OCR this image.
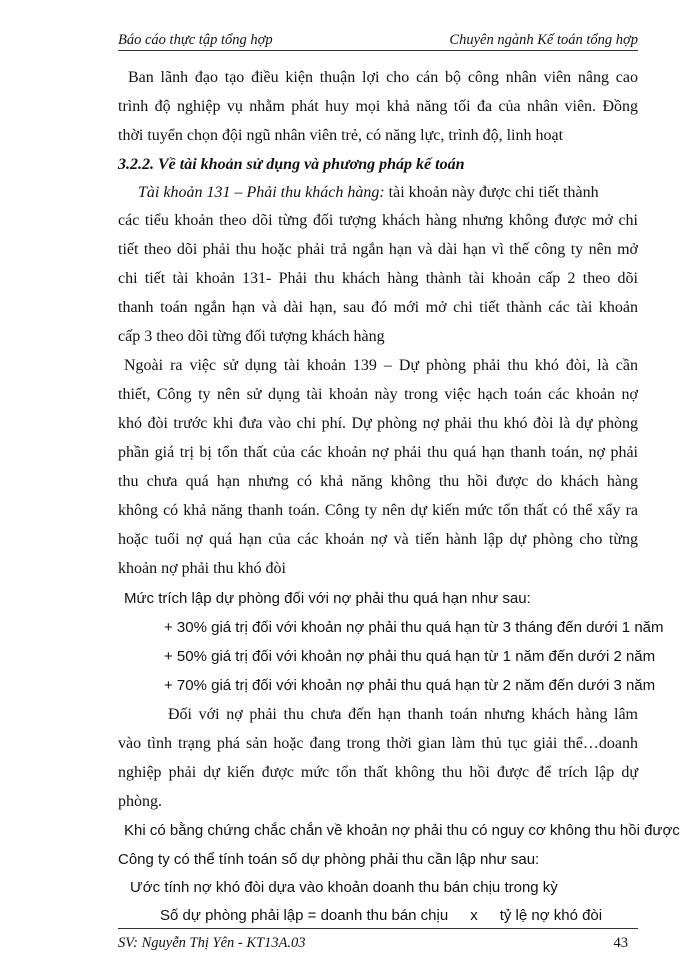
Báo cáo thực tập tổng hợp	Chuyên ngành Kế toán tổng hợp
Ban lãnh đạo tạo điều kiện thuận lợi cho cán bộ công nhân viên nâng cao
trình độ nghiệp vụ nhằm phát huy mọi khả năng tối đa của nhân viên. Đồng
thời tuyển chọn đội ngũ nhân viên trẻ, có năng lực, trình độ, linh hoạt
3.2.2. Về tài khoản sử dụng và phương pháp kế toán
Tài khoản 131 – Phải thu khách hàng: tài khoản này được chi tiết thành
các tiểu khoản theo dõi từng đối tượng khách hàng nhưng không được mở chi
tiết theo dõi phải thu hoặc phải trả ngắn hạn và dài hạn vì thế công ty nên mở
chi tiết tài khoản 131- Phải thu khách hàng thành tài khoản cấp 2 theo dõi
thanh toán ngắn hạn và dài hạn, sau đó mới mở chi tiết thành các tài khoản
cấp 3 theo dõi từng đối tượng khách hàng
Ngoài ra việc sử dụng tài khoản 139 – Dự phòng phải thu khó đòi, là cần
thiết, Công ty nên sử dụng tài khoản này trong việc hạch toán các khoản nợ
khó đòi trước khi đưa vào chi phí. Dự phòng nợ phải thu khó đòi là dự phòng
phần giá trị bị tổn thất của các khoản nợ phải thu quá hạn thanh toán, nợ phải
thu chưa quá hạn nhưng có khả năng không thu hồi được do khách hàng
không có khả năng thanh toán. Công ty nên dự kiến mức tổn thất có thể xẩy ra
hoặc tuổi nợ quá hạn của các khoản nợ và tiến hành lập dự phòng cho từng
khoản nợ phải thu khó đòi
Mức trích lập dự phòng đối với nợ phải thu quá hạn như sau:
+ 30% giá trị đối với khoản nợ phải thu quá hạn từ 3 tháng đến dưới 1 năm
+ 50% giá trị đối với khoản nợ phải thu quá hạn từ 1 năm đến dưới 2 năm
+ 70% giá trị đối với khoản nợ phải thu quá hạn từ 2 năm đến dưới 3 năm
Đối với nợ phải thu chưa đến hạn thanh toán nhưng khách hàng lâm
vào tình trạng phá sản hoặc đang trong thời gian làm thủ tục giải thể…doanh
nghiệp phải dự kiến được mức tổn thất không thu hồi được để trích lập dự
phòng.
Khi có bằng chứng chắc chắn về khoản nợ phải thu có nguy cơ không thu hồi được
Công ty có thể tính toán số dự phòng phải thu cần lập như sau:
Ước tính nợ khó đòi dựa vào khoản doanh thu bán chịu trong kỳ
Số dự phòng phải lập = doanh thu bán chịu x tỷ lệ nợ khó đòi
SV: Nguyễn Thị Yên - KT13A.03	43
